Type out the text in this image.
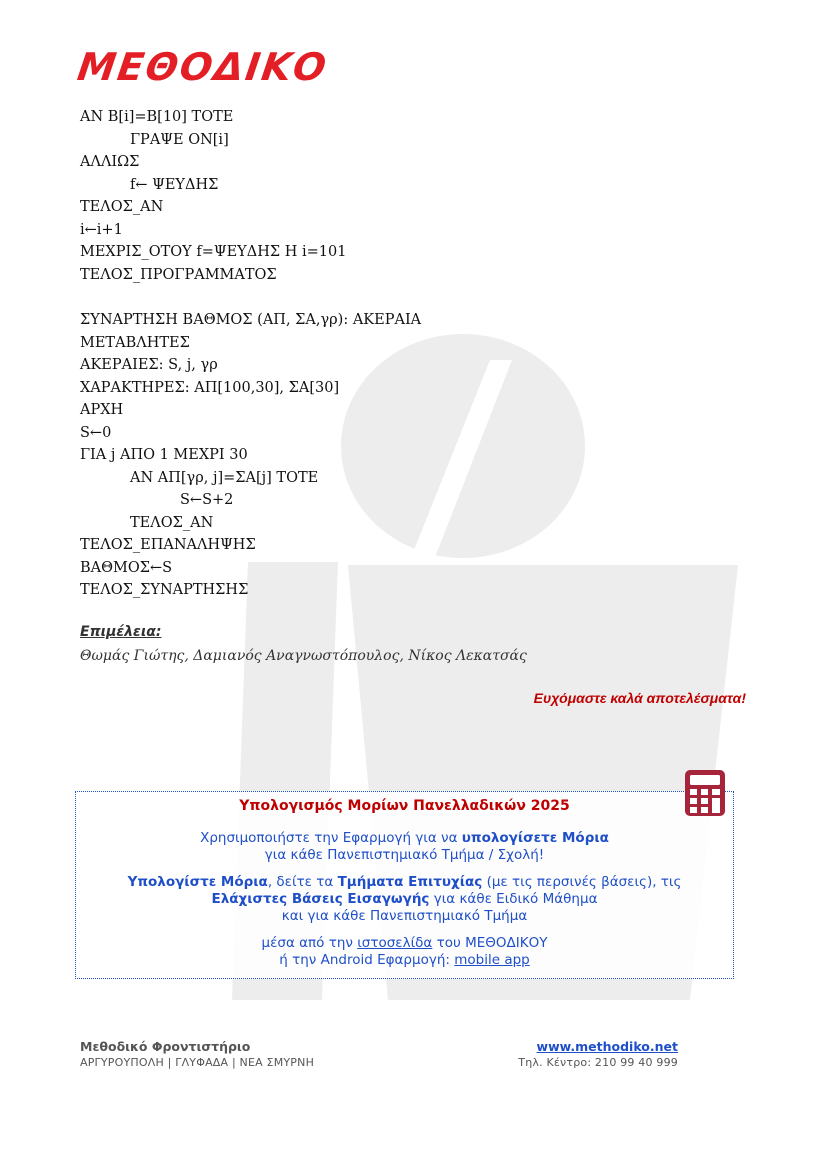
ΜΕΘΟΔΙΚΟ
ΑΝ Β[i]=Β[10] ΤΟΤΕ
ΓΡΑΨΕ ΟΝ[i]
ΑΛΛΙΩΣ
f← ΨΕΥΔΗΣ
ΤΕΛΟΣ_ΑΝ
i←i+1
ΜΕΧΡΙΣ_ΟΤΟΥ f=ΨΕΥΔΗΣ Η i=101
ΤΕΛΟΣ_ΠΡΟΓΡΑΜΜΑΤΟΣ
ΣΥΝΑΡΤΗΣΗ ΒΑΘΜΟΣ (ΑΠ, ΣΑ,γρ): ΑΚΕΡΑΙΑ
ΜΕΤΑΒΛΗΤΕΣ
ΑΚΕΡΑΙΕΣ: S, j, γρ
ΧΑΡΑΚΤΗΡΕΣ: ΑΠ[100,30], ΣΑ[30]
ΑΡΧΗ
S←0
ΓΙΑ j ΑΠΟ 1 ΜΕΧΡΙ 30
ΑΝ ΑΠ[γρ, j]=ΣΑ[j] ΤΟΤΕ
S←S+2
ΤΕΛΟΣ_ΑΝ
ΤΕΛΟΣ_ΕΠΑΝΑΛΗΨΗΣ
ΒΑΘΜΟΣ←S
ΤΕΛΟΣ_ΣΥΝΑΡΤΗΣΗΣ
Επιμέλεια:
Θωμάς Γιώτης, Δαμιανός Αναγνωστόπουλος, Νίκος Λεκατσάς
Ευχόμαστε καλά αποτελέσματα!
Υπολογισμός Μορίων Πανελλαδικών 2025
Χρησιμοποιήστε την Εφαρμογή για να υπολογίσετε Μόρια
για κάθε Πανεπιστημιακό Τμήμα / Σχολή!
Υπολογίστε Μόρια, δείτε τα Τμήματα Επιτυχίας (με τις περσινές βάσεις), τις
Ελάχιστες Βάσεις Εισαγωγής για κάθε Ειδικό Μάθημα
και για κάθε Πανεπιστημιακό Τμήμα
μέσα από την ιστοσελίδα του ΜΕΘΟΔΙΚΟΥ
ή την Android Εφαρμογή: mobile app
Μεθοδικό Φροντιστήριο
ΑΡΓΥΡΟΥΠΟΛΗ | ΓΛΥΦΑΔΑ | ΝΕΑ ΣΜΥΡΝΗ
www.methodiko.net
Τηλ. Κέντρο: 210 99 40 999
